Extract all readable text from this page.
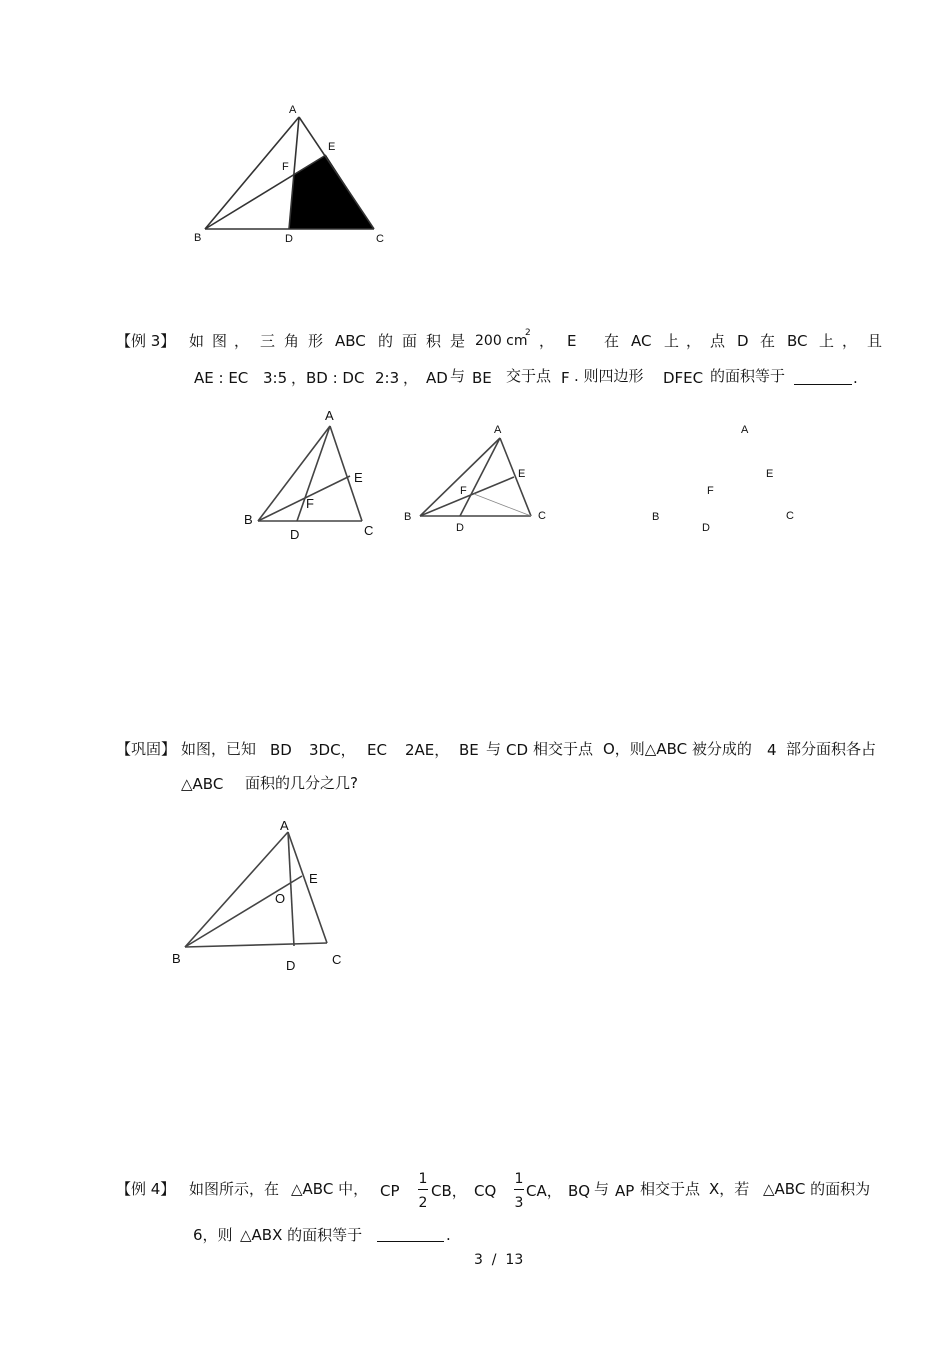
A
E
F
B	D	C
【例 3】 如 图 ， 三 角 形 ABC 的 面 积 是 200 cm
2 ， E 在 AC 上 ， 点 D 在 BC 上 ， 且
AE : EC 3:5 ，BD : DC 2:3 ， AD 与 BE 交于点 F . 则四边形 DFEC 的面积等于	.
A
E
F
B
D	C
A
E
F
B
D
C
A
E
F
B
D
C
【巩固】 如图，已知 BD 3DC， EC 2AE， BE 与 CD 相交于点 O，则△ABC 被分成的 4 部分面积各占
△ABC 面积的几分之几?
A
E
O
B	D	C
【例 4】 如图所示，在 △ABC 中， CP
1
2
CB， CQ
1
3
CA， BQ 与 AP 相交于点 X，若 △ABC 的面积为
6，则 △ABX 的面积等于	.
3  /  13
